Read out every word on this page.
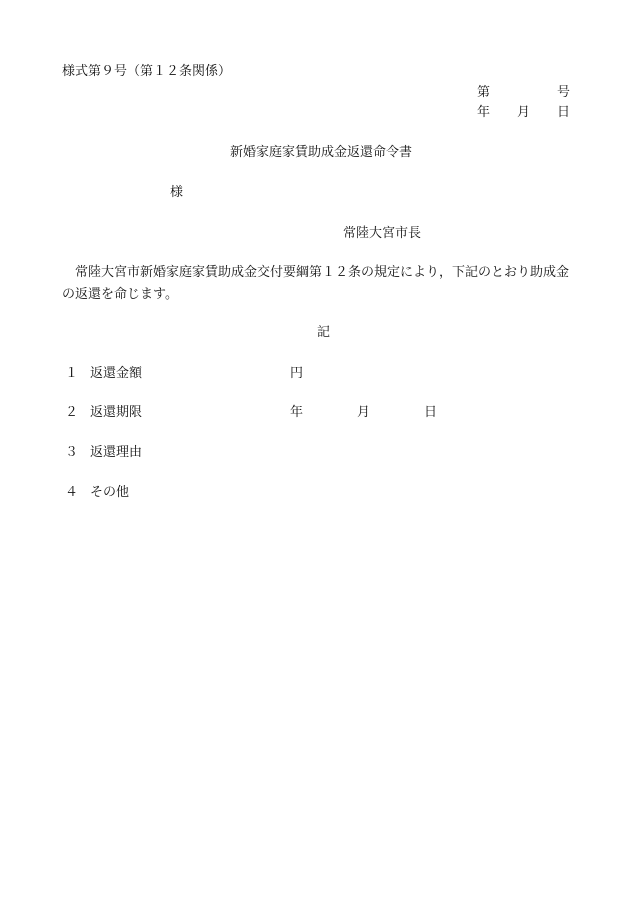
様式第９号（第１２条関係）
第	号
年 月 日
新婚家庭家賃助成金返還命令書
様
常陸大宮市長
常陸大宮市新婚家庭家賃助成金交付要綱第１２条の規定により，下記のとおり助成金
の返還を命じます。
記
１ 返還金額	円
２ 返還期限	年	月	日
３ 返還理由
４ その他
